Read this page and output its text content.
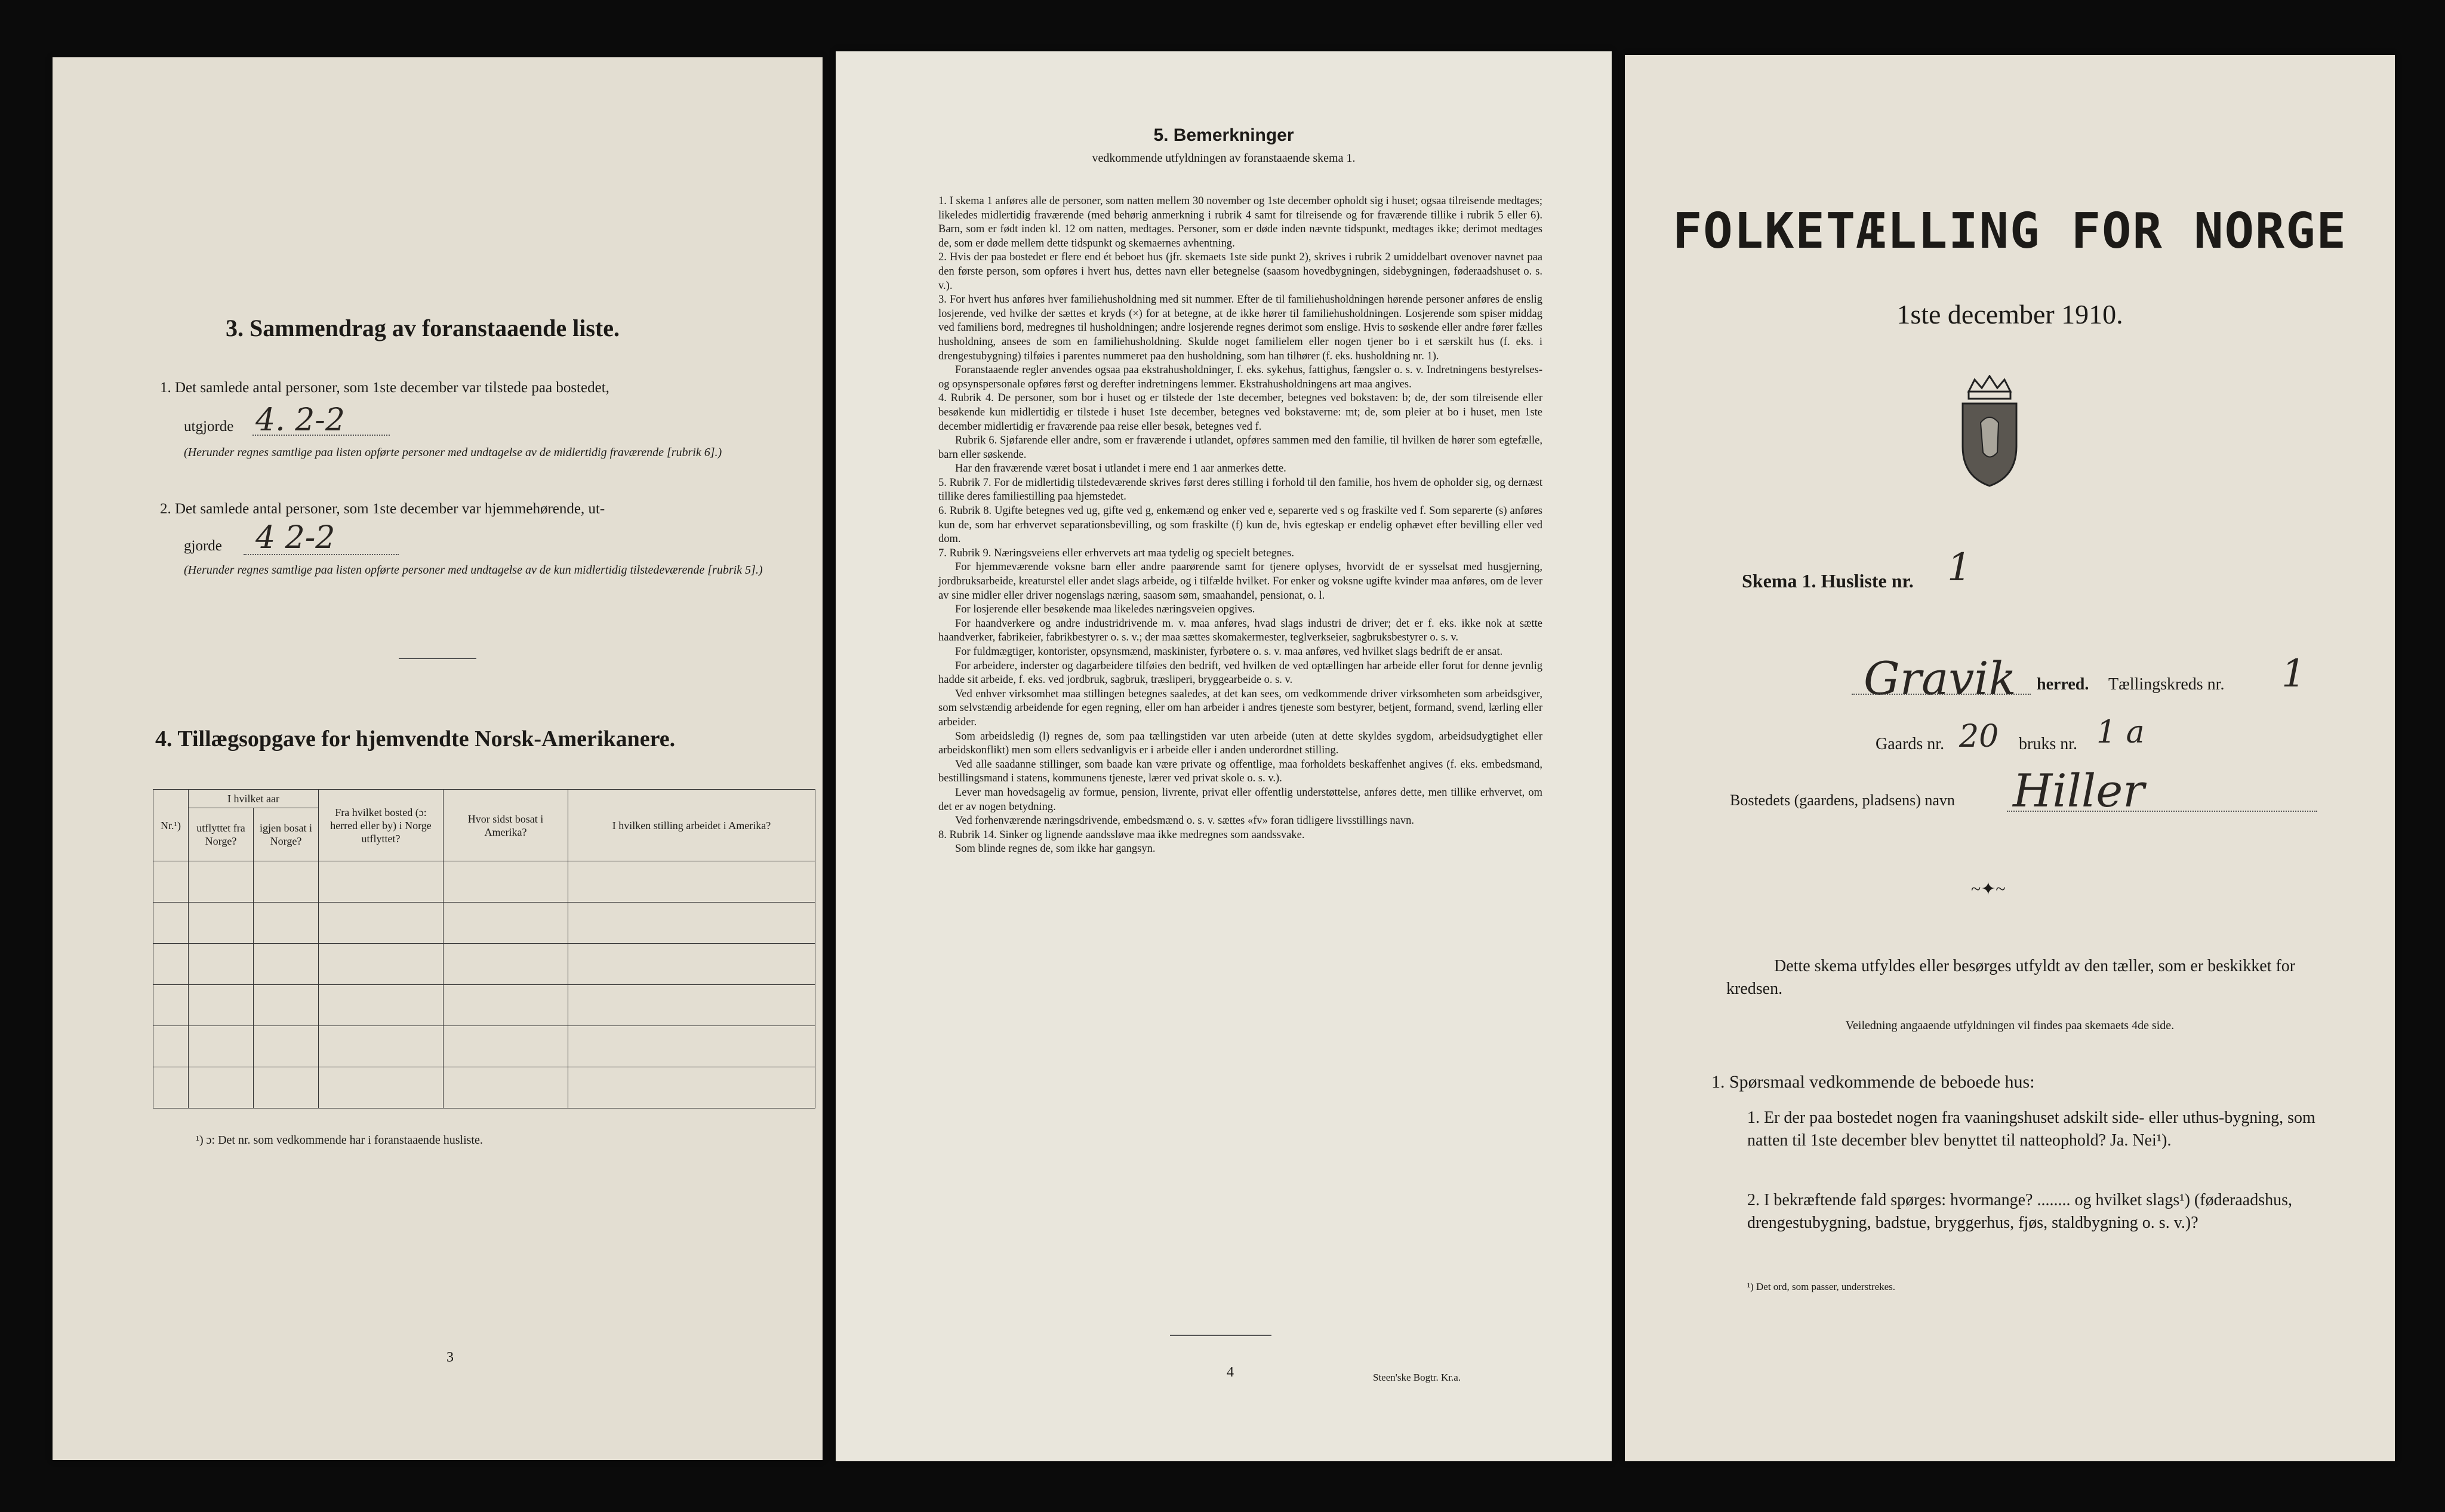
3. Sammendrag av foranstaaende liste.
1. Det samlede antal personer, som 1ste december var tilstede paa bostedet,
utgjorde 4. 2-2
(Herunder regnes samtlige paa listen opførte personer med undtagelse av de midlertidig fraværende [rubrik 6].)
2. Det samlede antal personer, som 1ste december var hjemmehørende, ut-
gjorde 4 2-2
(Herunder regnes samtlige paa listen opførte personer med undtagelse av de kun midlertidig tilstedeværende [rubrik 5].)
4. Tillægsopgave for hjemvendte Norsk-Amerikanere.
Nr.¹)	I hvilket aar		Fra hvilket bosted (ɔ: herred eller by) i Norge utflyttet?	Hvor sidst bosat i Amerika?	I hvilken stilling arbeidet i Amerika?
	utflyttet fra Norge?	igjen bosat i Norge?			

¹) ɔ: Det nr. som vedkommende har i foranstaaende husliste.
3
5. Bemerkninger
vedkommende utfyldningen av foranstaaende skema 1.

1. I skema 1 anføres alle de personer, som natten mellem 30 november og 1ste december opholdt sig i huset; ogsaa tilreisende medtages; likeledes midlertidig fraværende (med behørig anmerkning i rubrik 4 samt for tilreisende og for fraværende tillike i rubrik 5 eller 6). Barn, som er født inden kl. 12 om natten, medtages. Personer, som er døde inden nævnte tidspunkt, medtages ikke; derimot medtages de, som er døde mellem dette tidspunkt og skemaernes avhentning.

2. Hvis der paa bostedet er flere end ét beboet hus (jfr. skemaets 1ste side punkt 2), skrives i rubrik 2 umiddelbart ovenover navnet paa den første person, som opføres i hvert hus, dettes navn eller betegnelse (saasom hovedbygningen, sidebygningen, føderaadshuset o. s. v.).

3. For hvert hus anføres hver familiehusholdning med sit nummer. Efter de til familiehusholdningen hørende personer anføres de enslig losjerende, ved hvilke der sættes et kryds (×) for at betegne, at de ikke hører til familiehusholdningen. Losjerende som spiser middag ved familiens bord, medregnes til husholdningen; andre losjerende regnes derimot som enslige. Hvis to søskende eller andre fører fælles husholdning, ansees de som en familiehusholdning. Skulde noget familielem eller nogen tjener bo i et særskilt hus (f. eks. i drengestubygning) tilføies i parentes nummeret paa den husholdning, som han tilhører (f. eks. husholdning nr. 1).

Foranstaaende regler anvendes ogsaa paa ekstrahusholdninger, f. eks. sykehus, fattighus, fængsler o. s. v. Indretningens bestyrelses- og opsynspersonale opføres først og derefter indretningens lemmer. Ekstrahusholdningens art maa angives.

4. Rubrik 4. De personer, som bor i huset og er tilstede der 1ste december, betegnes ved bokstaven: b; de, der som tilreisende eller besøkende kun midlertidig er tilstede i huset 1ste december, betegnes ved bokstaverne: mt; de, som pleier at bo i huset, men 1ste december midlertidig er fraværende paa reise eller besøk, betegnes ved f.

Rubrik 6. Sjøfarende eller andre, som er fraværende i utlandet, opføres sammen med den familie, til hvilken de hører som egtefælle, barn eller søskende.

Har den fraværende været bosat i utlandet i mere end 1 aar anmerkes dette.

5. Rubrik 7. For de midlertidig tilstedeværende skrives først deres stilling i forhold til den familie, hos hvem de opholder sig, og dernæst tillike deres familiestilling paa hjemstedet.

6. Rubrik 8. Ugifte betegnes ved ug, gifte ved g, enkemænd og enker ved e, separerte ved s og fraskilte ved f. Som separerte (s) anføres kun de, som har erhvervet separationsbevilling, og som fraskilte (f) kun de, hvis egteskap er endelig ophævet efter bevilling eller ved dom.

7. Rubrik 9. Næringsveiens eller erhvervets art maa tydelig og specielt betegnes.

For hjemmeværende voksne barn eller andre paarørende samt for tjenere oplyses, hvorvidt de er sysselsat med husgjerning, jordbruksarbeide, kreaturstel eller andet slags arbeide, og i tilfælde hvilket. For enker og voksne ugifte kvinder maa anføres, om de lever av sine midler eller driver nogenslags næring, saasom søm, smaahandel, pensionat, o. l.

For losjerende eller besøkende maa likeledes næringsveien opgives.

For haandverkere og andre industridrivende m. v. maa anføres, hvad slags industri de driver; det er f. eks. ikke nok at sætte haandverker, fabrikeier, fabrikbestyrer o. s. v.; der maa sættes skomakermester, teglverkseier, sagbruksbestyrer o. s. v.

For fuldmægtiger, kontorister, opsynsmænd, maskinister, fyrbøtere o. s. v. maa anføres, ved hvilket slags bedrift de er ansat.

For arbeidere, inderster og dagarbeidere tilføies den bedrift, ved hvilken de ved optællingen har arbeide eller forut for denne jevnlig hadde sit arbeide, f. eks. ved jordbruk, sagbruk, træsliperi, bryggearbeide o. s. v.

Ved enhver virksomhet maa stillingen betegnes saaledes, at det kan sees, om vedkommende driver virksomheten som arbeidsgiver, som selvstændig arbeidende for egen regning, eller om han arbeider i andres tjeneste som bestyrer, betjent, formand, svend, lærling eller arbeider.

Som arbeidsledig (l) regnes de, som paa tællingstiden var uten arbeide (uten at dette skyldes sygdom, arbeidsudygtighet eller arbeidskonflikt) men som ellers sedvanligvis er i arbeide eller i anden underordnet stilling.

Ved alle saadanne stillinger, som baade kan være private og offentlige, maa forholdets beskaffenhet angives (f. eks. embedsmand, bestillingsmand i statens, kommunens tjeneste, lærer ved privat skole o. s. v.).

Lever man hovedsagelig av formue, pension, livrente, privat eller offentlig understøttelse, anføres dette, men tillike erhvervet, om det er av nogen betydning.

Ved forhenværende næringsdrivende, embedsmænd o. s. v. sættes «fv» foran tidligere livsstillings navn.

8. Rubrik 14. Sinker og lignende aandssløve maa ikke medregnes som aandssvake.

Som blinde regnes de, som ikke har gangsyn.

4	Steen'ske Bogtr. Kr.a.
FOLKETÆLLING FOR NORGE
1ste december 1910.
Skema 1. Husliste nr. 1
Gravik herred. Tællingskreds nr. 1
Gaards nr. 20 bruks nr. 1 a
Bostedets (gaardens, pladsens) navn Hiller
~✦~
Dette skema utfyldes eller besørges utfyldt av den tæller, som er beskikket for kredsen.
Veiledning angaaende utfyldningen vil findes paa skemaets 4de side.
1. Spørsmaal vedkommende de beboede hus:
1. Er der paa bostedet nogen fra vaaningshuset adskilt side- eller uthus-bygning, som natten til 1ste december blev benyttet til natteophold? Ja. Nei¹).
2. I bekræftende fald spørges: hvormange? ........ og hvilket slags¹) (føderaadshus, drengestubygning, badstue, bryggerhus, fjøs, staldbygning o. s. v.)?
¹) Det ord, som passer, understrekes.
